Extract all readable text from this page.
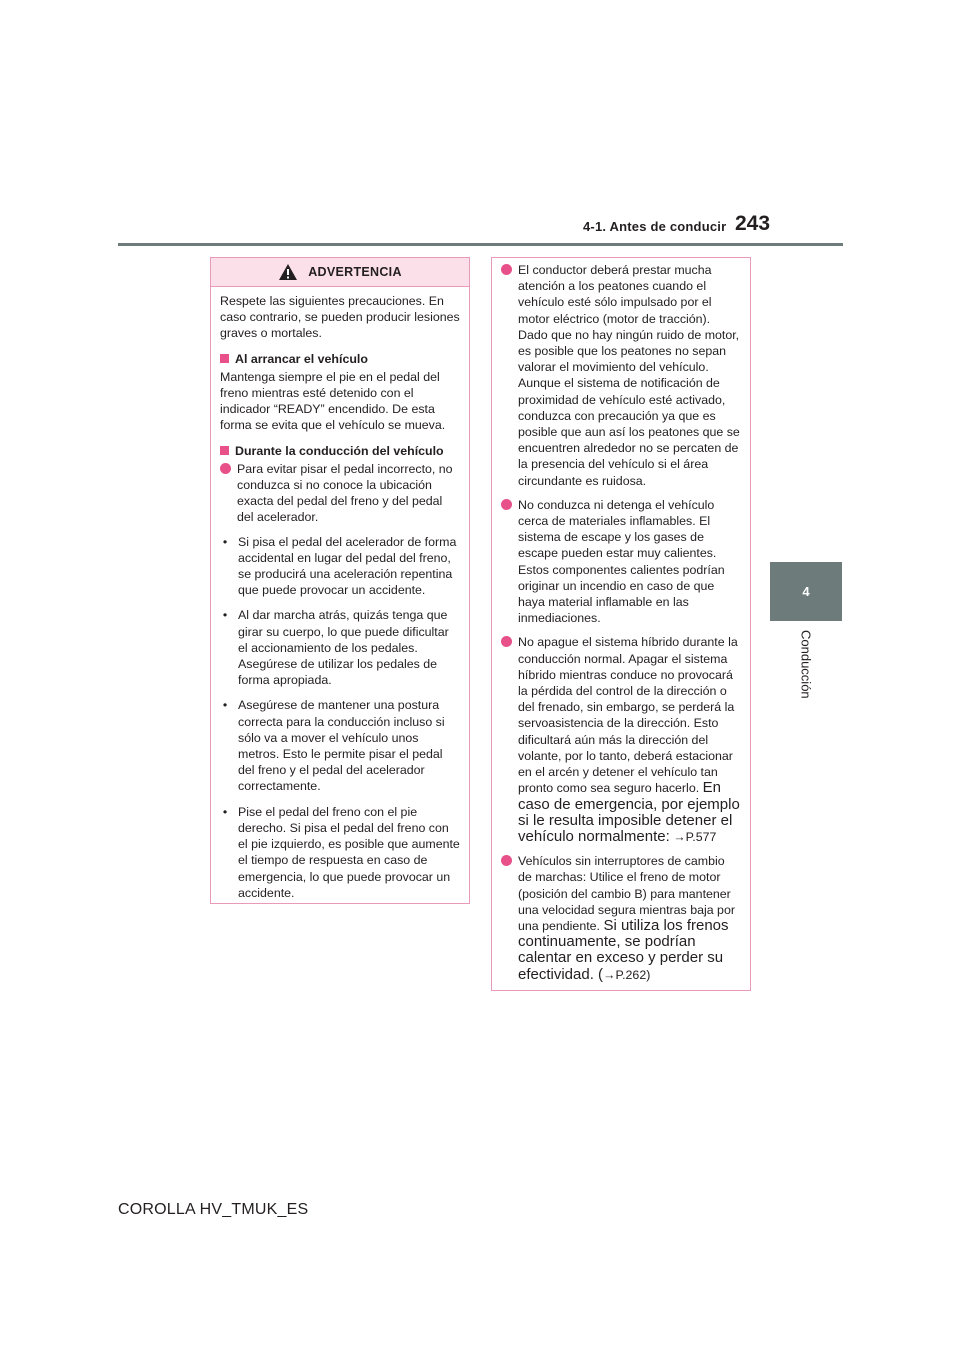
4-1. Antes de conducir 243
4
Conducción
ADVERTENCIA

Respete las siguientes precauciones. En caso contrario, se pueden producir lesiones graves o mortales.

Al arrancar el vehículo

Mantenga siempre el pie en el pedal del freno mientras esté detenido con el indicador “READY” encendido. De esta forma se evita que el vehículo se mueva.

Durante la conducción del vehículo
Para evitar pisar el pedal incorrecto, no conduzca si no conoce la ubicación exacta del pedal del freno y del pedal del acelerador.
• Si pisa el pedal del acelerador de forma accidental en lugar del pedal del freno, se producirá una aceleración repentina que puede provocar un accidente.
• Al dar marcha atrás, quizás tenga que girar su cuerpo, lo que puede dificultar el accionamiento de los pedales. Asegúrese de utilizar los pedales de forma apropiada.
• Asegúrese de mantener una postura correcta para la conducción incluso si sólo va a mover el vehículo unos metros. Esto le permite pisar el pedal del freno y el pedal del acelerador correctamente.
• Pise el pedal del freno con el pie derecho. Si pisa el pedal del freno con el pie izquierdo, es posible que aumente el tiempo de respuesta en caso de emergencia, lo que puede provocar un accidente.
El conductor deberá prestar mucha atención a los peatones cuando el vehículo esté sólo impulsado por el motor eléctrico (motor de tracción). Dado que no hay ningún ruido de motor, es posible que los peatones no sepan valorar el movimiento del vehículo. Aunque el sistema de notificación de proximidad de vehículo esté activado, conduzca con precaución ya que es posible que aun así los peatones que se encuentren alrededor no se percaten de la presencia del vehículo si el área circundante es ruidosa.
No conduzca ni detenga el vehículo cerca de materiales inflamables. El sistema de escape y los gases de escape pueden estar muy calientes. Estos componentes calientes podrían originar un incendio en caso de que haya material inflamable en las inmediaciones.
No apague el sistema híbrido durante la conducción normal. Apagar el sistema híbrido mientras conduce no provocará la pérdida del control de la dirección o del frenado, sin embargo, se perderá la servoasistencia de la dirección. Esto dificultará aún más la dirección del volante, por lo tanto, deberá estacionar en el arcén y detener el vehículo tan pronto como sea seguro hacerlo. En caso de emergencia, por ejemplo si le resulta imposible detener el vehículo normalmente: →P.577
Vehículos sin interruptores de cambio de marchas: Utilice el freno de motor (posición del cambio B) para mantener una velocidad segura mientras baja por una pendiente. Si utiliza los frenos continuamente, se podrían calentar en exceso y perder su efectividad. (→P.262)
COROLLA HV_TMUK_ES
